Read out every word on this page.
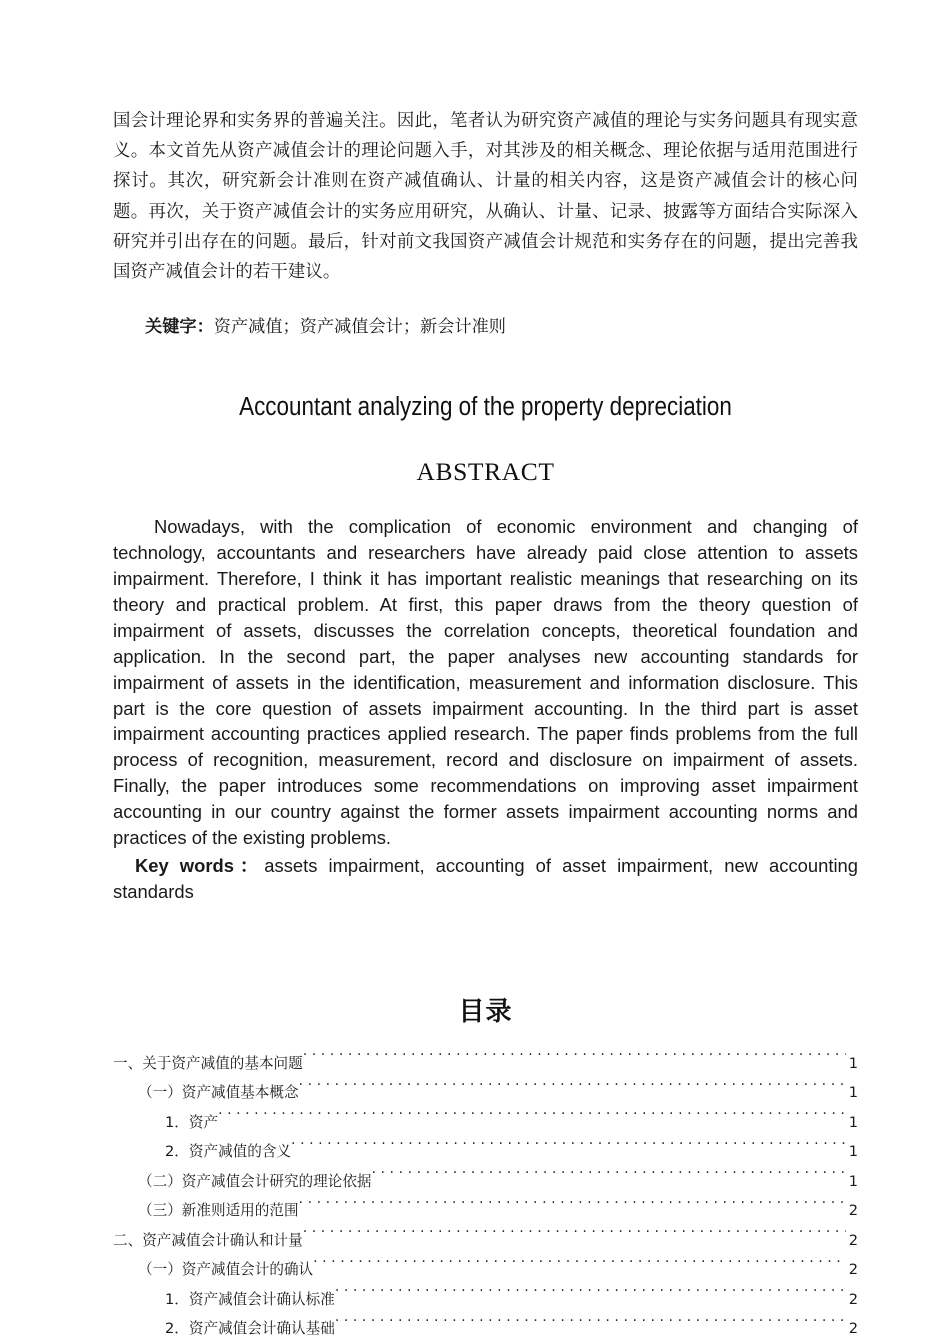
国会计理论界和实务界的普遍关注。因此，笔者认为研究资产减值的理论与实务问题具有现实意义。本文首先从资产减值会计的理论问题入手，对其涉及的相关概念、理论依据与适用范围进行探讨。其次，研究新会计准则在资产减值确认、计量的相关内容，这是资产减值会计的核心问题。再次，关于资产减值会计的实务应用研究，从确认、计量、记录、披露等方面结合实际深入研究并引出存在的问题。最后，针对前文我国资产减值会计规范和实务存在的问题，提出完善我国资产减值会计的若干建议。

关键字：资产减值；资产减值会计；新会计准则

Accountant analyzing of the property depreciation
ABSTRACT

Nowadays, with the complication of economic environment and changing of technology, accountants and researchers have already paid close attention to assets impairment. Therefore, I think it has important realistic meanings that researching on its theory and practical problem. At first, this paper draws from the theory question of impairment of assets, discusses the correlation concepts, theoretical foundation and application. In the second part, the paper analyses new accounting standards for impairment of assets in the identification, measurement and information disclosure. This part is the core question of assets impairment accounting. In the third part is asset impairment accounting practices applied research. The paper finds problems from the full process of recognition, measurement, record and disclosure on impairment of assets. Finally, the paper introduces some recommendations on improving asset impairment accounting in our country against the former assets impairment accounting norms and practices of the existing problems.

Key words：assets impairment, accounting of asset impairment, new accounting standards

目录
一、关于资产减值的基本问题 . . .	1
（一）资产减值基本概念 . . .	1
1．资产 . . .	1
2．资产减值的含义 . . .	1
（二）资产减值会计研究的理论依据 . . .	1
（三）新准则适用的范围 . . .	2
二、资产减值会计确认和计量 . . .	2
（一）资产减值会计的确认 . . .	2
1．资产减值会计确认标准 . . .	2
2．资产减值会计确认基础 . . .	2
